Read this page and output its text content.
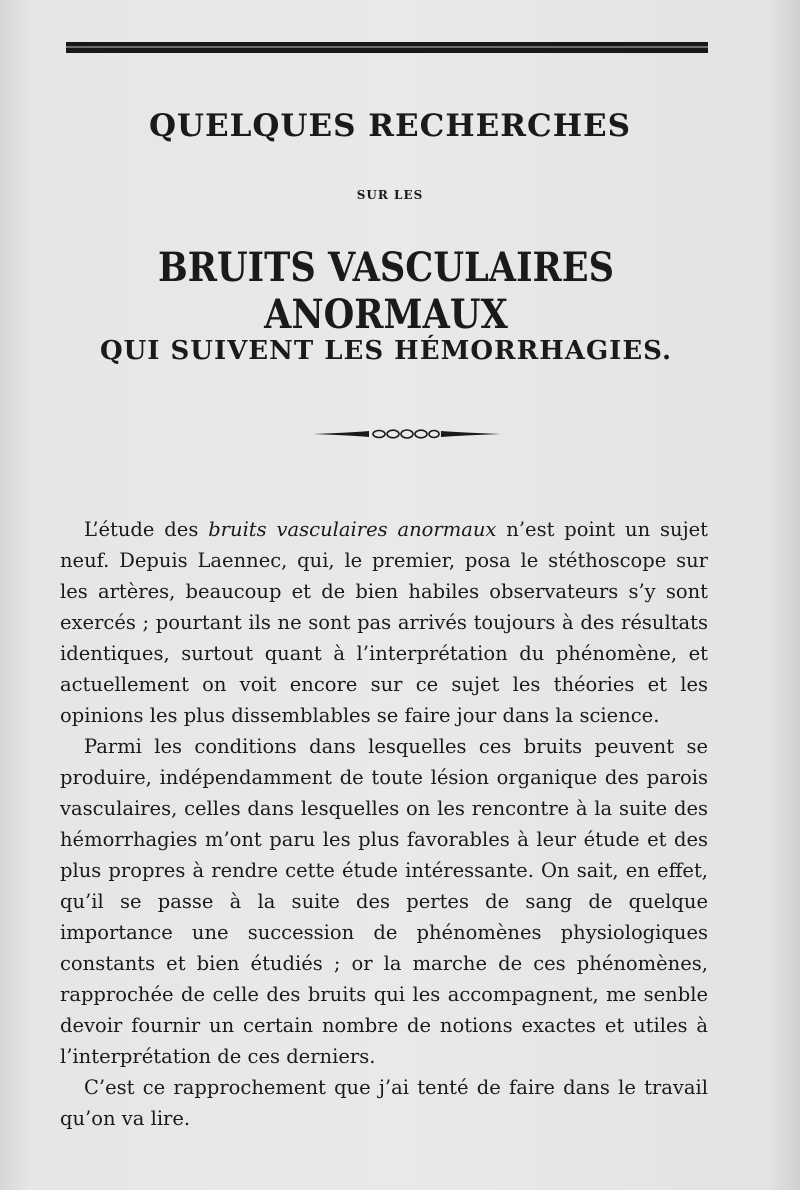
QUELQUES RECHERCHES
SUR LES
BRUITS VASCULAIRES ANORMAUX
QUI SUIVENT LES HÉMORRHAGIES.

L’étude des bruits vasculaires anormaux n’est point un sujet neuf. Depuis Laennec, qui, le premier, posa le stéthoscope sur les artères, beaucoup et de bien habiles observateurs s’y sont exercés ; pourtant ils ne sont pas arrivés toujours à des résultats identiques, surtout quant à l’interprétation du phénomène, et actuellement on voit encore sur ce sujet les théories et les opinions les plus dissemblables se faire jour dans la science.

Parmi les conditions dans lesquelles ces bruits peuvent se produire, indépendamment de toute lésion organique des parois vasculaires, celles dans lesquelles on les rencontre à la suite des hémorrhagies m’ont paru les plus favorables à leur étude et des plus propres à rendre cette étude intéressante. On sait, en effet, qu’il se passe à la suite des pertes de sang de quelque importance une succession de phénomènes physiologiques constants et bien étudiés ; or la marche de ces phénomènes, rapprochée de celle des bruits qui les accompagnent, me senble devoir fournir un certain nombre de notions exactes et utiles à l’interprétation de ces derniers.

C’est ce rapprochement que j’ai tenté de faire dans le travail qu’on va lire.
